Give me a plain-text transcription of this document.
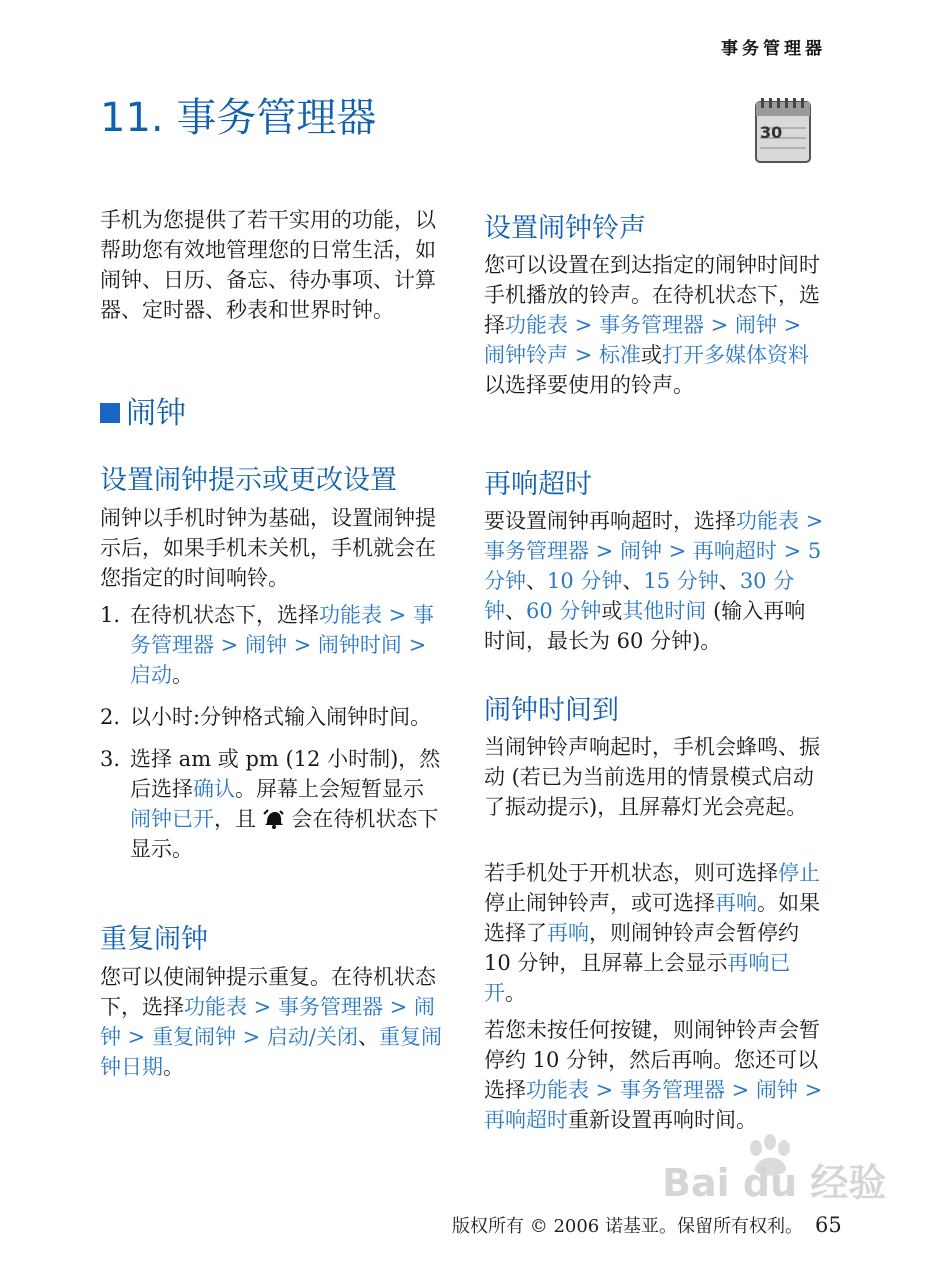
事务管理器
11. 事务管理器	30

手机为您提供了若干实用的功能，以帮助您有效地管理您的日常生活，如闹钟、日历、备忘、待办事项、计算器、定时器、秒表和世界时钟。

闹钟
设置闹钟提示或更改设置

闹钟以手机时钟为基础，设置闹钟提示后，如果手机未关机，手机就会在您指定的时间响铃。

1. 在待机状态下，选择功能表 > 事务管理器 > 闹钟 > 闹钟时间 > 启动。
2. 以小时:分钟格式输入闹钟时间。
3. 选择 am 或 pm (12 小时制)，然后选择确认。屏幕上会短暂显示闹钟已开，且 会在待机状态下显示。
重复闹钟

您可以使闹钟提示重复。在待机状态下，选择功能表 > 事务管理器 > 闹钟 > 重复闹钟 > 启动/关闭、重复闹钟日期。

设置闹钟铃声

您可以设置在到达指定的闹钟时间时手机播放的铃声。在待机状态下，选择功能表 > 事务管理器 > 闹钟 > 闹钟铃声 > 标准或打开多媒体资料以选择要使用的铃声。

再响超时

要设置闹钟再响超时，选择功能表 > 事务管理器 > 闹钟 > 再响超时 > 5 分钟、10 分钟、15 分钟、30 分钟、60 分钟或其他时间 (输入再响时间，最长为 60 分钟)。

闹钟时间到

当闹钟铃声响起时，手机会蜂鸣、振动 (若已为当前选用的情景模式启动了振动提示)，且屏幕灯光会亮起。

若手机处于开机状态，则可选择停止停止闹钟铃声，或可选择再响。如果选择了再响，则闹钟铃声会暂停约 10 分钟，且屏幕上会显示再响已开。

若您未按任何按键，则闹钟铃声会暂停约 10 分钟，然后再响。您还可以选择功能表 > 事务管理器 > 闹钟 > 再响超时重新设置再响时间。

Bai du 经验
版权所有 © 2006 诺基亚。保留所有权利。 65
